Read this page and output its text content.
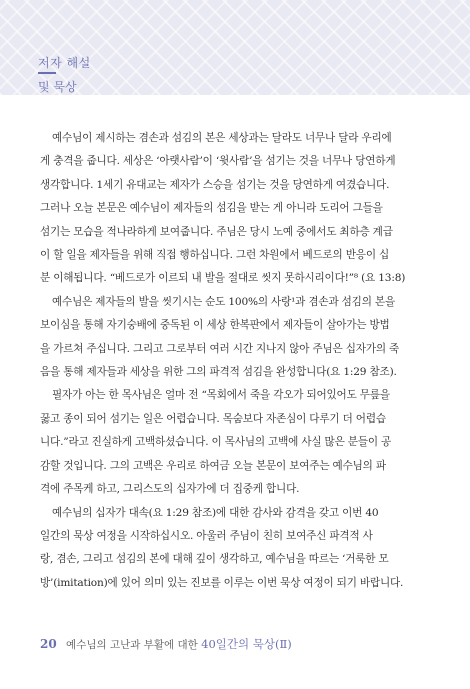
저자 해설
및 묵상

예수님이 제시하는 겸손과 섬김의 본은 세상과는 달라도 너무나 달라 우리에
게 충격을 줍니다. 세상은 ‘아랫사람’이 ‘윗사람’을 섬기는 것을 너무나 당연하게
생각합니다. 1세기 유대교는 제자가 스승을 섬기는 것을 당연하게 여겼습니다.
그러나 오늘 본문은 예수님이 제자들의 섬김을 받는 게 아니라 도리어 그들을
섬기는 모습을 적나라하게 보여줍니다. 주님은 당시 노예 중에서도 최하층 계급
이 할 일을 제자들을 위해 직접 행하십니다. 그런 차원에서 베드로의 반응이 십
분 이해됩니다. “베드로가 이르되 내 발을 절대로 씻지 못하시리이다!”⁸ (요 13:8)

예수님은 제자들의 발을 씻기시는 순도 100%의 사랑¹과 겸손과 섬김의 본을
보이심을 통해 자기숭배에 중독된 이 세상 한복판에서 제자들이 살아가는 방법
을 가르쳐 주십니다. 그리고 그로부터 여러 시간 지나지 않아 주님은 십자가의 죽
음을 통해 제자들과 세상을 위한 그의 파격적 섬김을 완성합니다(요 1:29 참조).

필자가 아는 한 목사님은 얼마 전 “목회에서 죽을 각오가 되어있어도 무릎을
꿇고 종이 되어 섬기는 일은 어렵습니다. 목숨보다 자존심이 다루기 더 어렵습
니다.”라고 진실하게 고백하셨습니다. 이 목사님의 고백에 사실 많은 분들이 공
감할 것입니다. 그의 고백은 우리로 하여금 오늘 본문이 보여주는 예수님의 파
격에 주목케 하고, 그리스도의 십자가에 더 집중케 합니다.

예수님의 십자가 대속(요 1:29 참조)에 대한 감사와 감격을 갖고 이번 40
일간의 묵상 여정을 시작하십시오. 아울러 주님이 친히 보여주신 파격적 사
랑, 겸손, 그리고 섬김의 본에 대해 깊이 생각하고, 예수님을 따르는 ‘거룩한 모
방’(imitation)에 있어 의미 있는 진보를 이루는 이번 묵상 여정이 되기 바랍니다.

20 예수님의 고난과 부활에 대한 40일간의 묵상(Ⅱ)
